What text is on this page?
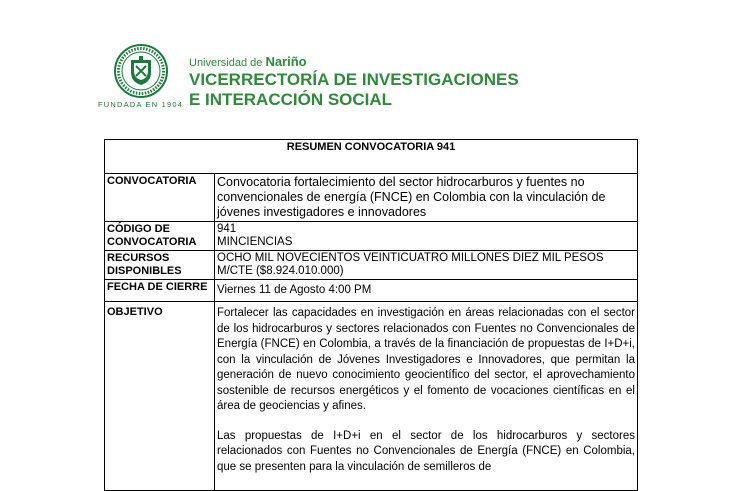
FUNDADA EN 1904
Universidad de Nariño
VICERRECTORÍA DE INVESTIGACIONES
E INTERACCIÓN SOCIAL
RESUMEN CONVOCATORIA 941	
CONVOCATORIA	Convocatoria fortalecimiento del sector hidrocarburos y fuentes no convencionales de energía (FNCE) en Colombia con la vinculación de jóvenes investigadores e innovadores
CÓDIGO DE CONVOCATORIA	941
MINCIENCIAS

RECURSOS DISPONIBLES	OCHO MIL NOVECIENTOS VEINTICUATRO MILLONES DIEZ MIL PESOS M/CTE ($8.924.010.000)
FECHA DE CIERRE	Viernes 11 de Agosto 4:00 PM
OBJETIVO	Fortalecer las capacidades en investigación en áreas relacionadas con el sector de los hidrocarburos y sectores relacionados con Fuentes no Convencionales de Energía (FNCE) en Colombia, a través de la financiación de propuestas de I+D+i, con la vinculación de Jóvenes Investigadores e Innovadores, que permitan la generación de nuevo conocimiento geocientífico del sector, el aprovechamiento sostenible de recursos energéticos y el fomento de vocaciones científicas en el área de geociencias y afines.

Las propuestas de I+D+i en el sector de los hidrocarburos y sectores relacionados con Fuentes no Convencionales de Energía (FNCE) en Colombia, que se presenten para la vinculación de semilleros de
